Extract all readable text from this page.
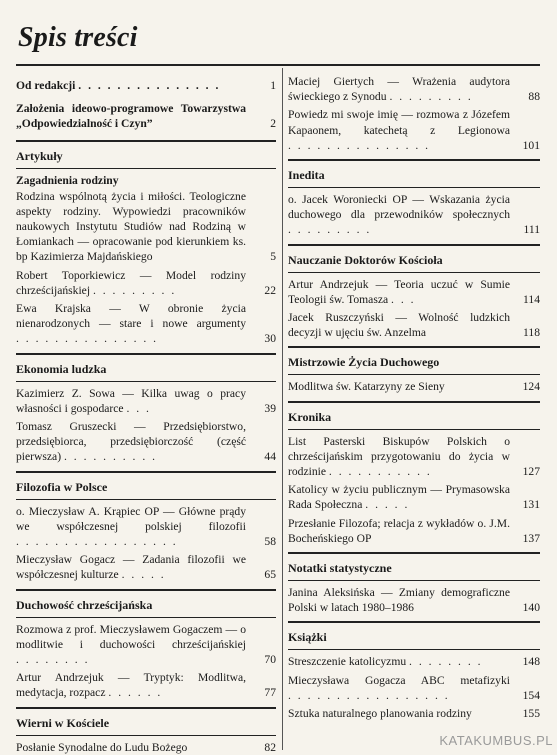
Spis treści
Od redakcji . . . . . . . . . . . . . . .	1
Założenia ideowo-programowe Towarzystwa „Odpowiedzialność i Czyn”	2
Artykuły
Zagadnienia rodziny
Rodzina wspólnotą życia i miłości. Teologiczne aspekty rodziny. Wypowiedzi pracowników naukowych Instytutu Studiów nad Rodziną w Łomiankach — opracowanie pod kierunkiem ks. bp Kazimierza Majdańskiego	5
Robert Toporkiewicz — Model rodziny chrześcijańskiej . . . . . . . . .	22
Ewa Krajska — W obronie życia nienarodzonych — stare i nowe argumenty . . . . . . . . . . . . . . .	30
Ekonomia ludzka
Kazimierz Z. Sowa — Kilka uwag o pracy własności i gospodarce . . .	39
Tomasz Gruszecki — Przedsiębiorstwo, przedsiębiorca, przedsiębiorczość (część pierwsza) . . . . . . . . . .	44
Filozofia w Polsce
o. Mieczysław A. Krąpiec OP — Główne prądy we współczesnej polskiej filozofii . . . . . . . . . . . . . . . . .	58
Mieczysław Gogacz — Zadania filozofii we współczesnej kulturze . . . . .	65
Duchowość chrześcijańska
Rozmowa z prof. Mieczysławem Gogaczem — o modlitwie i duchowości chrześcijańskiej . . . . . . . .	70
Artur Andrzejuk — Tryptyk: Modlitwa, medytacja, rozpacz . . . . . .	77
Wierni w Kościele
Posłanie Synodalne do Ludu Bożego	82
Maciej Giertych — Wrażenia audytora świeckiego z Synodu . . . . . . . . .	88
Powiedz mi swoje imię — rozmowa z Józefem Kapaonem, katechetą z Legionowa . . . . . . . . . . . . . . .	101
Inedita
o. Jacek Woroniecki OP — Wskazania życia duchowego dla przewodników społecznych . . . . . . . . .	111
Nauczanie Doktorów Kościoła
Artur Andrzejuk — Teoria uczuć w Sumie Teologii św. Tomasza . . .	114
Jacek Ruszczyński — Wolność ludzkich decyzji w ujęciu św. Anzelma	118
Mistrzowie Życia Duchowego
Modlitwa św. Katarzyny ze Sieny	124
Kronika
List Pasterski Biskupów Polskich o chrześcijańskim przygotowaniu do życia w rodzinie . . . . . . . . . . .	127
Katolicy w życiu publicznym — Prymasowska Rada Społeczna . . . . .	131
Przesłanie Filozofa; relacja z wykładów o. J.M. Bocheńskiego OP	137
Notatki statystyczne
Janina Aleksińska — Zmiany demograficzne Polski w latach 1980–1986	140
Książki
Streszczenie katolicyzmu . . . . . . . .	148
Mieczysława Gogacza ABC metafizyki . . . . . . . . . . . . . . . . .	154
Sztuka naturalnego planowania rodziny	155
KATAKUMBUS.PL
